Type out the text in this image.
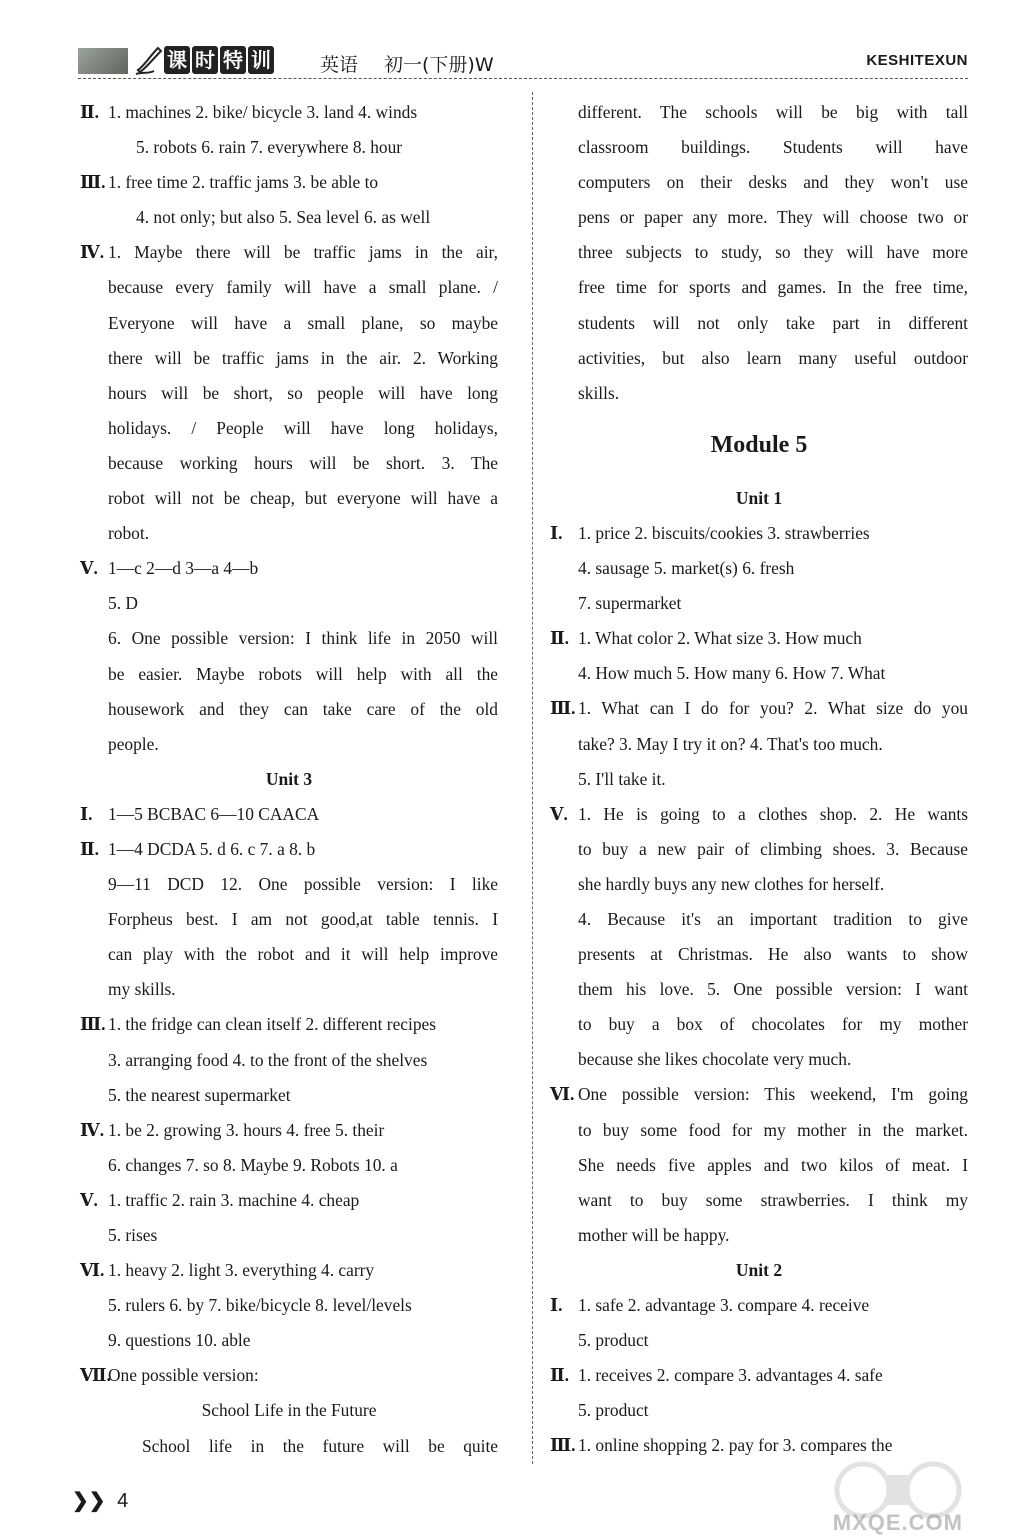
课 时 特 训	英语 初一(下册)W	KESHITEXUN
Ⅱ. 1. machines 2. bike/ bicycle 3. land 4. winds
5. robots 6. rain 7. everywhere 8. hour
Ⅲ. 1. free time 2. traffic jams 3. be able to
4. not only; but also 5. Sea level 6. as well
Ⅳ. 1. Maybe there will be traffic jams in the air,
because every family will have a small plane. /
Everyone will have a small plane, so maybe
there will be traffic jams in the air. 2. Working
hours will be short, so people will have long
holidays. / People will have long holidays,
because working hours will be short. 3. The
robot will not be cheap, but everyone will have a
robot.
Ⅴ. 1—c 2—d 3—a 4—b
5. D
6. One possible version: I think life in 2050 will
be easier. Maybe robots will help with all the
housework and they can take care of the old
people.
Unit 3
Ⅰ. 1—5 BCBAC 6—10 CAACA
Ⅱ. 1—4 DCDA 5. d 6. c 7. a 8. b
9—11 DCD 12. One possible version: I like
Forpheus best. I am not good,at table tennis. I
can play with the robot and it will help improve
my skills.
Ⅲ. 1. the fridge can clean itself 2. different recipes
3. arranging food 4. to the front of the shelves
5. the nearest supermarket
Ⅳ. 1. be 2. growing 3. hours 4. free 5. their
6. changes 7. so 8. Maybe 9. Robots 10. a
Ⅴ. 1. traffic 2. rain 3. machine 4. cheap
5. rises
Ⅵ. 1. heavy 2. light 3. everything 4. carry
5. rulers 6. by 7. bike/bicycle 8. level/levels
9. questions 10. able
Ⅶ.
One possible version:
School Life in the Future
School life in the future will be quite
different. The schools will be big with tall
classroom buildings. Students will have
computers on their desks and they won't use
pens or paper any more. They will choose two or
three subjects to study, so they will have more
free time for sports and games. In the free time,
students will not only take part in different
activities, but also learn many useful outdoor
skills.
Module 5
Unit 1
Ⅰ. 1. price 2. biscuits/cookies 3. strawberries
4. sausage 5. market(s) 6. fresh
7. supermarket
Ⅱ. 1. What color 2. What size 3. How much
4. How much 5. How many 6. How 7. What
Ⅲ. 1. What can I do for you? 2. What size do you
take? 3. May I try it on? 4. That's too much.
5. I'll take it.
Ⅴ. 1. He is going to a clothes shop. 2. He wants
to buy a new pair of climbing shoes. 3. Because
she hardly buys any new clothes for herself.
4. Because it's an important tradition to give
presents at Christmas. He also wants to show
them his love. 5. One possible version: I want
to buy a box of chocolates for my mother
because she likes chocolate very much.
Ⅵ. One possible version: This weekend, I'm going
to buy some food for my mother in the market.
She needs five apples and two kilos of meat. I
want to buy some strawberries. I think my
mother will be happy.
Unit 2
Ⅰ. 1. safe 2. advantage 3. compare 4. receive
5. product
Ⅱ. 1. receives 2. compare 3. advantages 4. safe
5. product
Ⅲ. 1. online shopping 2. pay for 3. compares the
❯❯ 4
MXQE.COM
